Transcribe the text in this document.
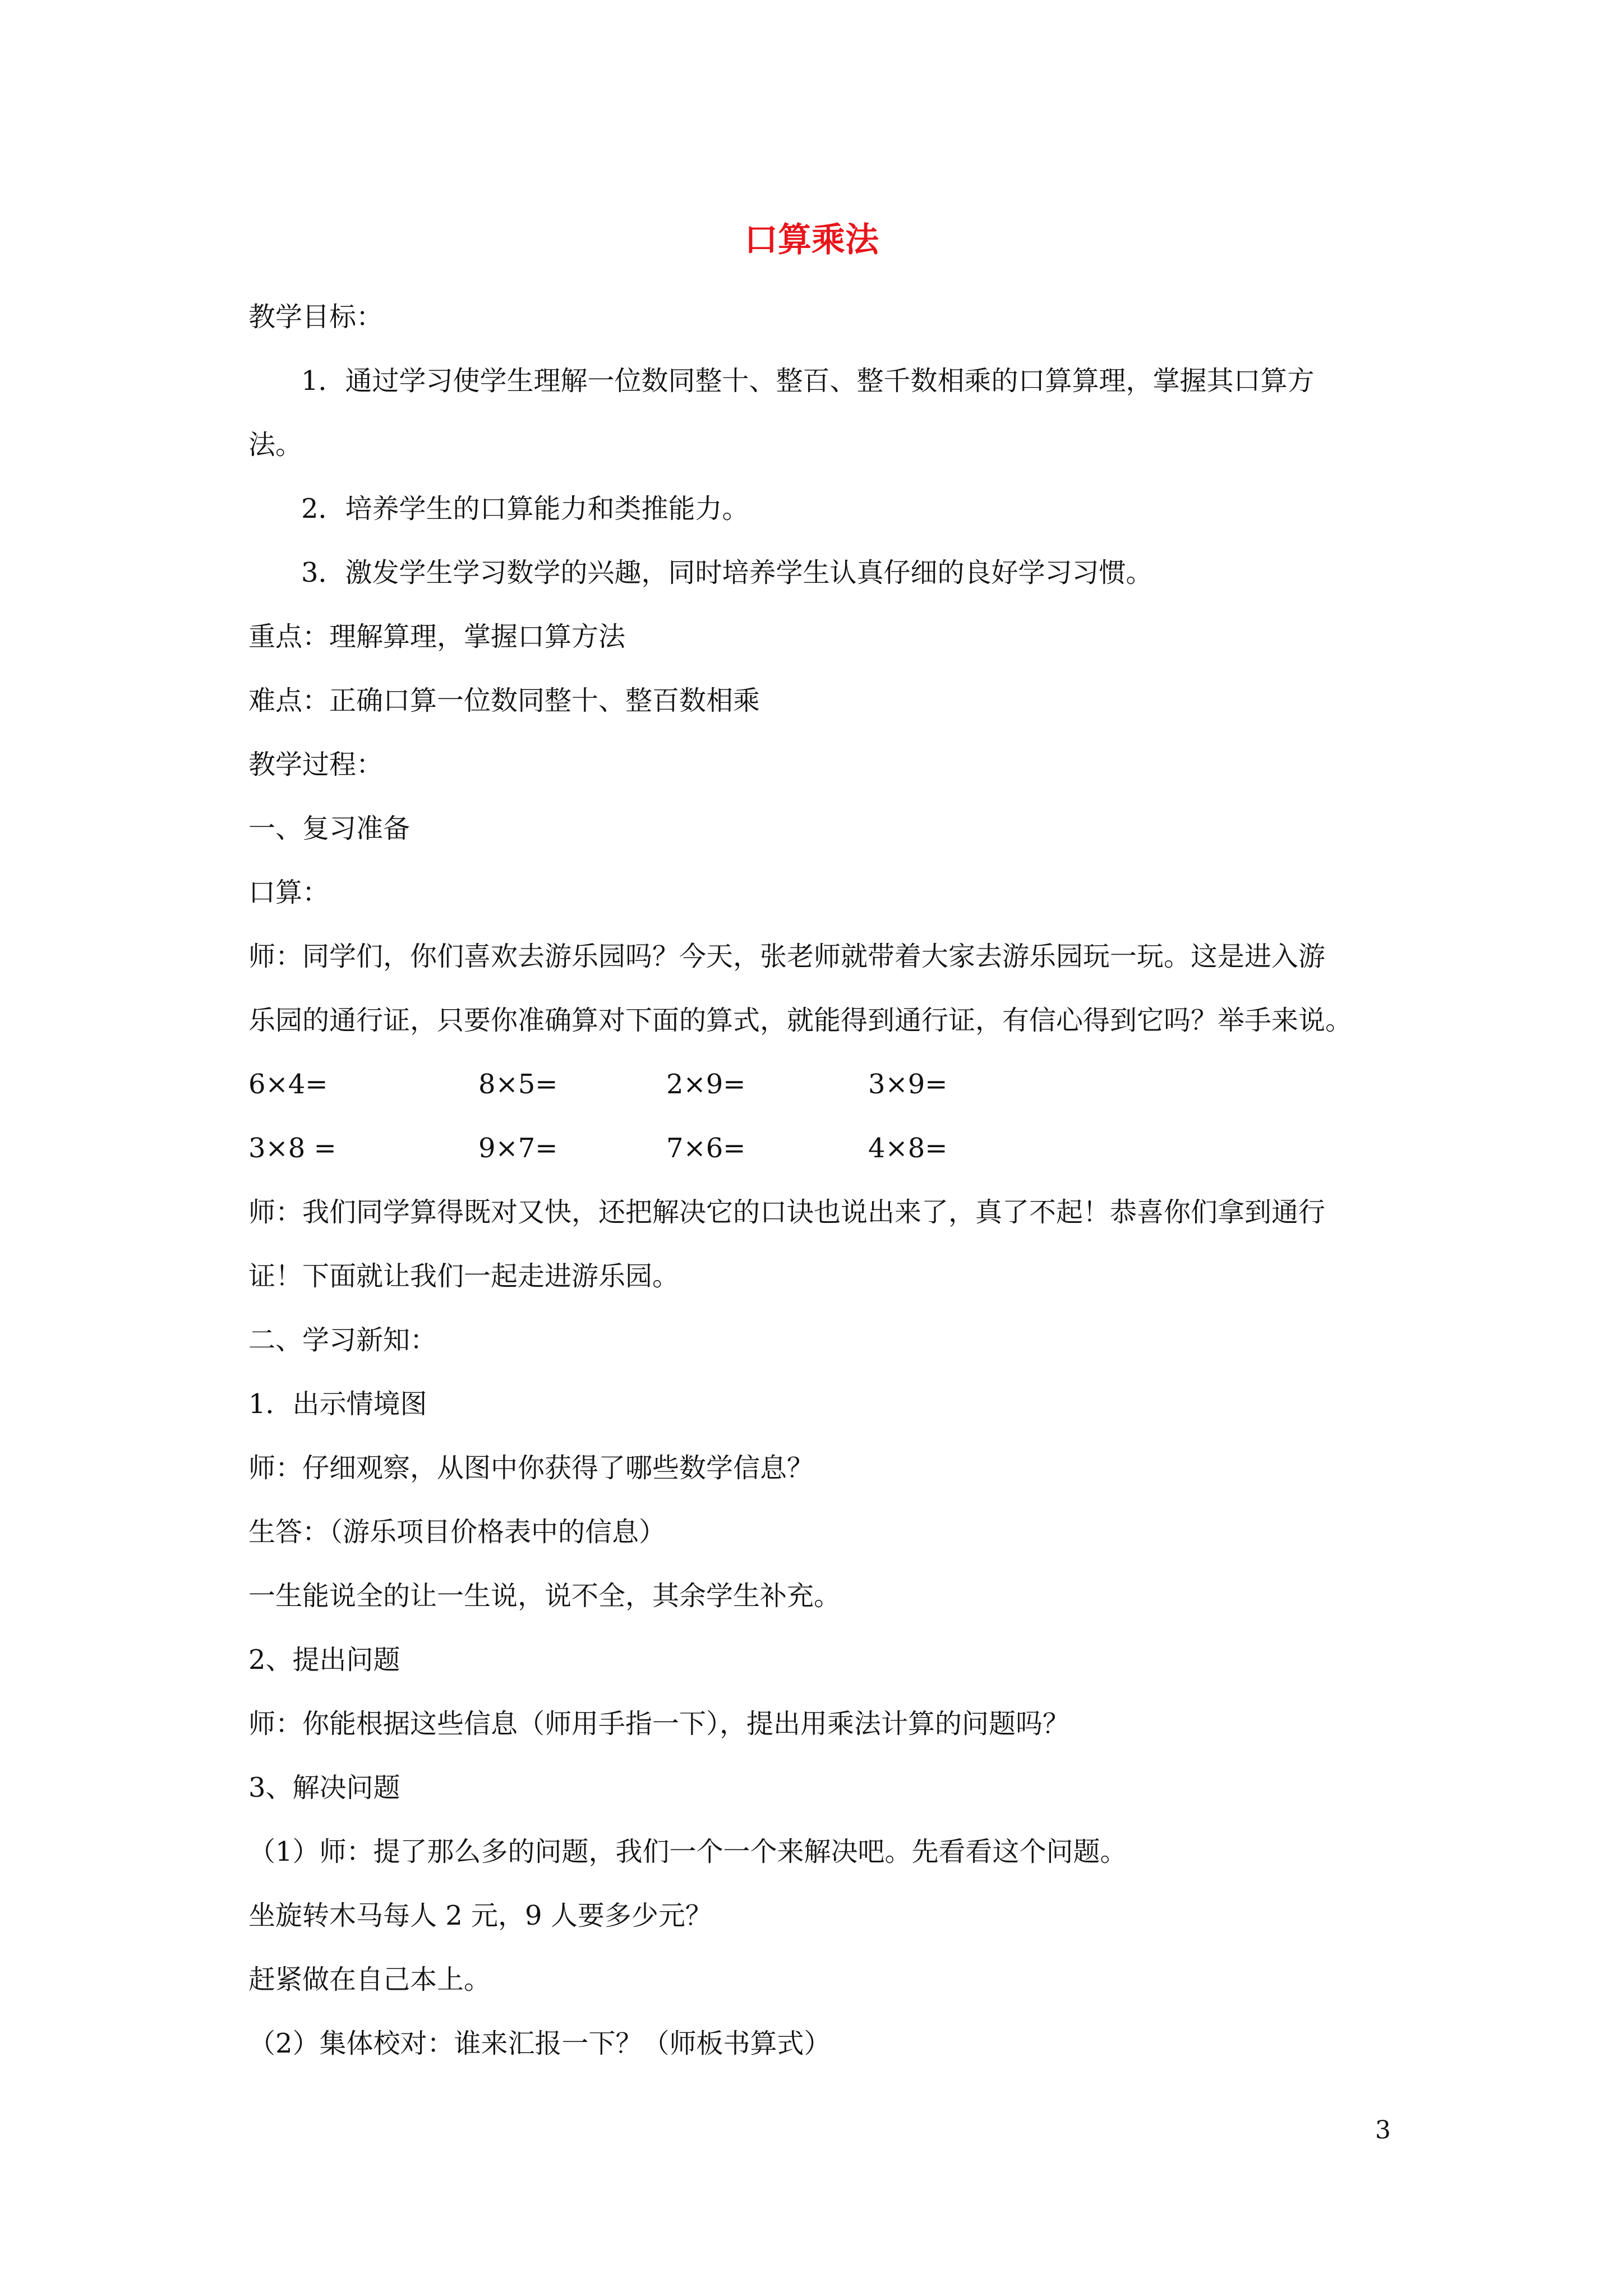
口算乘法
教学目标：
1．通过学习使学生理解一位数同整十、整百、整千数相乘的口算算理，掌握其口算方
法。
2．培养学生的口算能力和类推能力。
3．激发学生学习数学的兴趣，同时培养学生认真仔细的良好学习习惯。
重点：理解算理，掌握口算方法
难点：正确口算一位数同整十、整百数相乘
教学过程：
一、复习准备
口算：
师：同学们，你们喜欢去游乐园吗？今天，张老师就带着大家去游乐园玩一玩。这是进入游
乐园的通行证，只要你准确算对下面的算式，就能得到通行证，有信心得到它吗？举手来说。
6×4=	8×5=	2×9=	3×9=
3×8 =	9×7=	7×6=	4×8=
师：我们同学算得既对又快，还把解决它的口诀也说出来了，真了不起！恭喜你们拿到通行
证！下面就让我们一起走进游乐园。
二、学习新知：
1．出示情境图
师：仔细观察，从图中你获得了哪些数学信息？
生答：（游乐项目价格表中的信息）
一生能说全的让一生说，说不全，其余学生补充。
2、提出问题
师：你能根据这些信息（师用手指一下），提出用乘法计算的问题吗？
3、解决问题
（1）师：提了那么多的问题，我们一个一个来解决吧。先看看这个问题。
坐旋转木马每人 2 元，9 人要多少元？
赶紧做在自己本上。
（2）集体校对：谁来汇报一下？（师板书算式）
3
